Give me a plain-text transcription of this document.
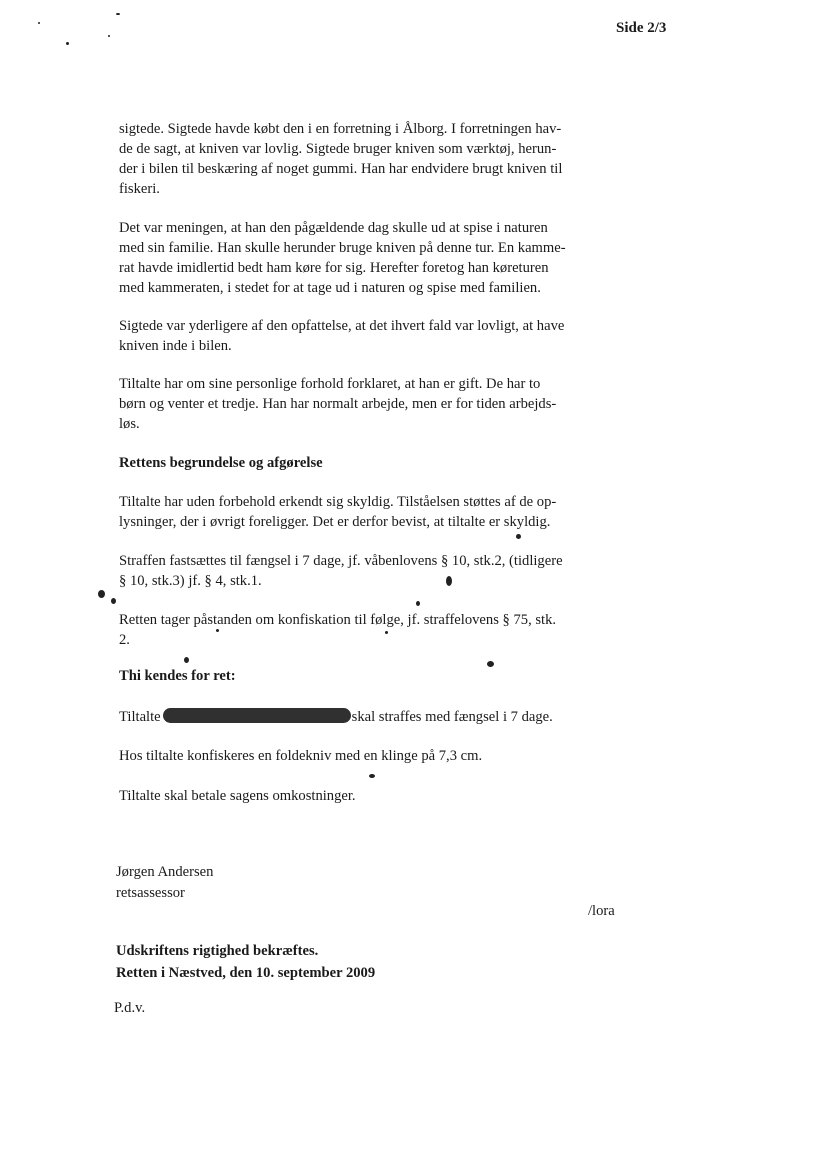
Side 2/3
sigtede. Sigtede havde købt den i en forretning i Ålborg. I forretningen hav-
de de sagt, at kniven var lovlig. Sigtede bruger kniven som værktøj, herun-
der i bilen til beskæring af noget gummi. Han har endvidere brugt kniven til
fiskeri.
Det var meningen, at han den pågældende dag skulle ud at spise i naturen
med sin familie. Han skulle herunder bruge kniven på denne tur. En kamme-
rat havde imidlertid bedt ham køre for sig. Herefter foretog han køreturen
med kammeraten, i stedet for at tage ud i naturen og spise med familien.
Sigtede var yderligere af den opfattelse, at det ihvert fald var lovligt, at have
kniven inde i bilen.
Tiltalte har om sine personlige forhold forklaret, at han er gift. De har to
børn og venter et tredje. Han har normalt arbejde, men er for tiden arbejds-
løs.
Rettens begrundelse og afgørelse
Tiltalte har uden forbehold erkendt sig skyldig. Tilståelsen støttes af de op-
lysninger, der i øvrigt foreligger. Det er derfor bevist, at tiltalte er skyldig.
Straffen fastsættes til fængsel i 7 dage, jf. våbenlovens § 10, stk.2, (tidligere
§ 10, stk.3) jf. § 4, stk.1.
Retten tager påstanden om konfiskation til følge, jf. straffelovens § 75, stk.
2.
Thi kendes for ret:
Tiltalte	skal straffes med fængsel i 7 dage.
Hos tiltalte konfiskeres en foldekniv med en klinge på 7,3 cm.
Tiltalte skal betale sagens omkostninger.
Jørgen Andersen
retsassessor
/lora
Udskriftens rigtighed bekræftes.
Retten i Næstved, den 10. september 2009
P.d.v.
